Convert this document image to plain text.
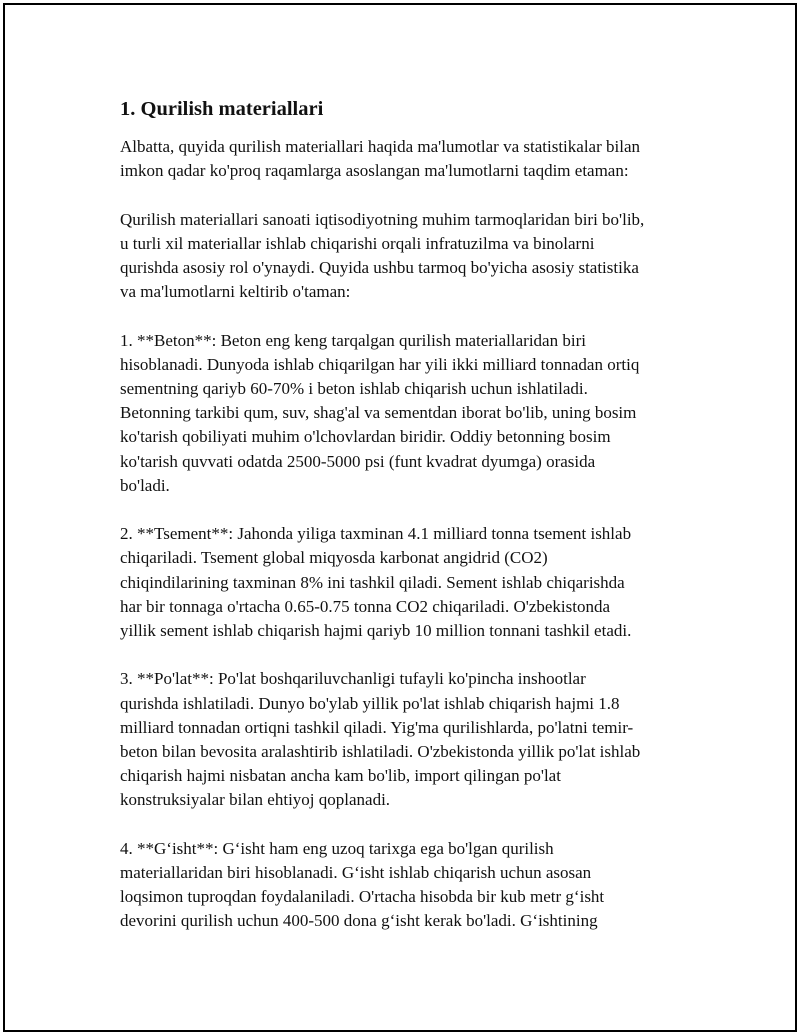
1. Qurilish materiallari

Albatta, quyida qurilish materiallari haqida ma'lumotlar va statistikalar bilan
imkon qadar ko'proq raqamlarga asoslangan ma'lumotlarni taqdim etaman:

Qurilish materiallari sanoati iqtisodiyotning muhim tarmoqlaridan biri bo'lib,
u turli xil materiallar ishlab chiqarishi orqali infratuzilma va binolarni
qurishda asosiy rol o'ynaydi. Quyida ushbu tarmoq bo'yicha asosiy statistika
va ma'lumotlarni keltirib o'taman:

1. **Beton**: Beton eng keng tarqalgan qurilish materiallaridan biri
hisoblanadi. Dunyoda ishlab chiqarilgan har yili ikki milliard tonnadan ortiq
sementning qariyb 60-70% i beton ishlab chiqarish uchun ishlatiladi.
Betonning tarkibi qum, suv, shag'al va sementdan iborat bo'lib, uning bosim
ko'tarish qobiliyati muhim o'lchovlardan biridir. Oddiy betonning bosim
ko'tarish quvvati odatda 2500-5000 psi (funt kvadrat dyumga) orasida
bo'ladi.

2. **Tsement**: Jahonda yiliga taxminan 4.1 milliard tonna tsement ishlab
chiqariladi. Tsement global miqyosda karbonat angidrid (CO2)
chiqindilarining taxminan 8% ini tashkil qiladi. Sement ishlab chiqarishda
har bir tonnaga o'rtacha 0.65-0.75 tonna CO2 chiqariladi. O'zbekistonda
yillik sement ishlab chiqarish hajmi qariyb 10 million tonnani tashkil etadi.

3. **Po'lat**: Po'lat boshqariluvchanligi tufayli ko'pincha inshootlar
qurishda ishlatiladi. Dunyo bo'ylab yillik po'lat ishlab chiqarish hajmi 1.8
milliard tonnadan ortiqni tashkil qiladi. Yig'ma qurilishlarda, po'latni temir-
beton bilan bevosita aralashtirib ishlatiladi. O'zbekistonda yillik po'lat ishlab
chiqarish hajmi nisbatan ancha kam bo'lib, import qilingan po'lat
konstruksiyalar bilan ehtiyoj qoplanadi.

4. **G‘isht**: G‘isht ham eng uzoq tarixga ega bo'lgan qurilish
materiallaridan biri hisoblanadi. G‘isht ishlab chiqarish uchun asosan
loqsimon tuproqdan foydalaniladi. O'rtacha hisobda bir kub metr g‘isht
devorini qurilish uchun 400-500 dona g‘isht kerak bo'ladi. G‘ishtining
